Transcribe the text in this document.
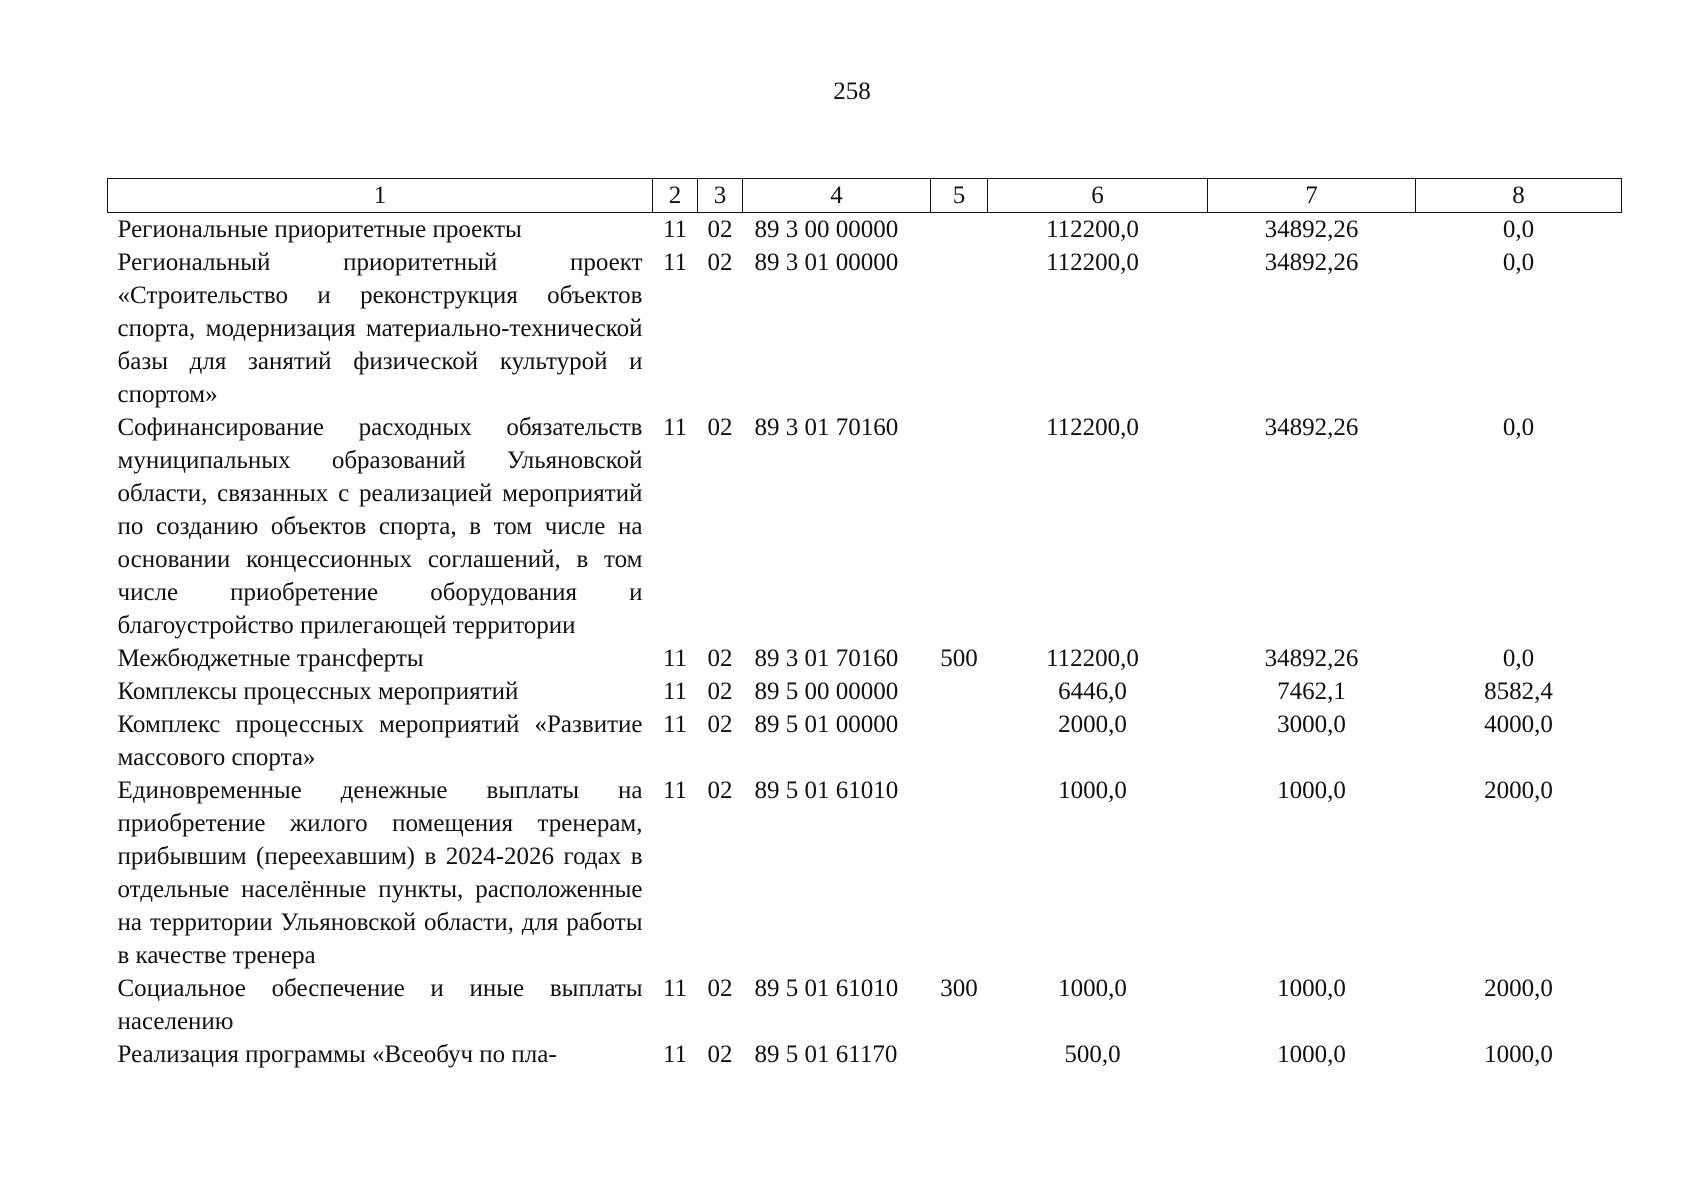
258
1	2	3	4	5	6	7	8
Региональные приоритетные проекты	11	02	89 3 00 00000		112200,0	34892,26	0,0
Региональный приоритетный проект «Строительство и реконструкция объектов спорта, модернизация материально-технической базы для занятий физической культурой и спортом»	11	02	89 3 01 00000		112200,0	34892,26	0,0
Софинансирование расходных обязательств муниципальных образований Ульяновской области, связанных с реализацией мероприятий по созданию объектов спорта, в том числе на основании концессионных соглашений, в том числе приобретение оборудования и благоустройство прилегающей территории	11	02	89 3 01 70160		112200,0	34892,26	0,0
Межбюджетные трансферты	11	02	89 3 01 70160	500	112200,0	34892,26	0,0
Комплексы процессных мероприятий	11	02	89 5 00 00000		6446,0	7462,1	8582,4
Комплекс процессных мероприятий «Развитие массового спорта»	11	02	89 5 01 00000		2000,0	3000,0	4000,0
Единовременные денежные выплаты на приобретение жилого помещения тренерам, прибывшим (переехавшим) в 2024-2026 годах в отдельные населённые пункты, расположенные на территории Ульяновской области, для работы в качестве тренера	11	02	89 5 01 61010		1000,0	1000,0	2000,0
Социальное обеспечение и иные выплаты населению	11	02	89 5 01 61010	300	1000,0	1000,0	2000,0
Реализация программы «Всеобуч по пла-	11	02	89 5 01 61170		500,0	1000,0	1000,0
